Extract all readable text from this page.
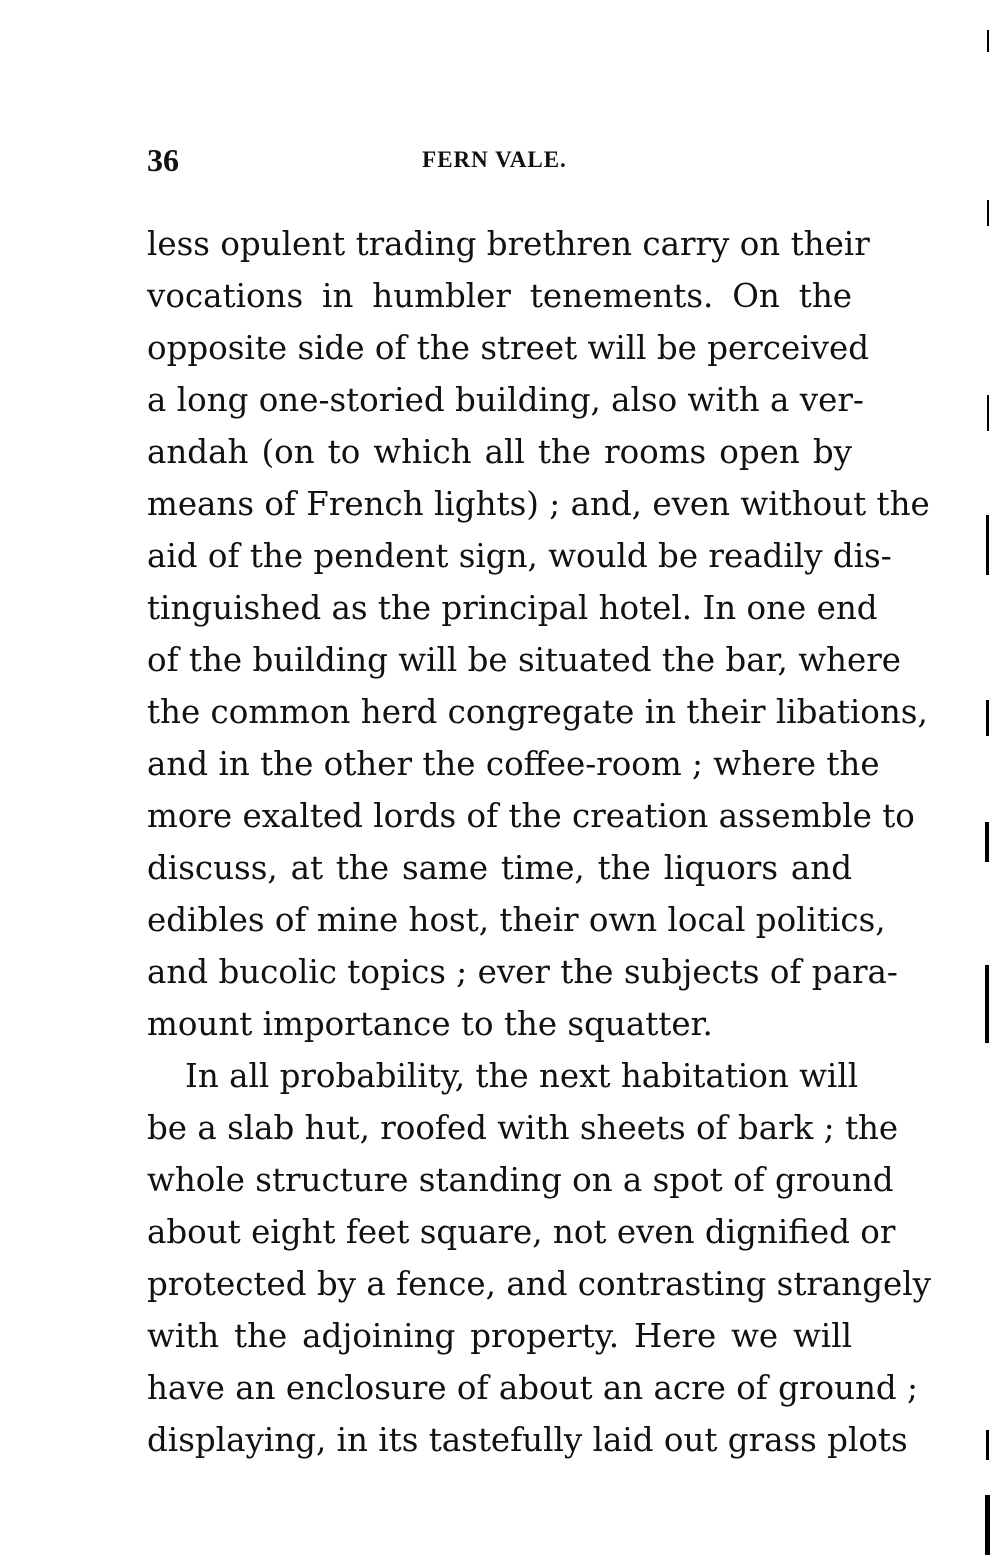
36	FERN VALE.
less opulent trading brethren carry on their
vocations in humbler tenements. On the
opposite side of the street will be perceived
a long one-storied building, also with a ver-
andah (on to which all the rooms open by
means of French lights) ; and, even without the
aid of the pendent sign, would be readily dis-
tinguished as the principal hotel. In one end
of the building will be situated the bar, where
the common herd congregate in their libations,
and in the other the coffee-room ; where the
more exalted lords of the creation assemble to
discuss, at the same time, the liquors and
edibles of mine host, their own local politics,
and bucolic topics ; ever the subjects of para-
mount importance to the squatter.
In all probability, the next habitation will
be a slab hut, roofed with sheets of bark ; the
whole structure standing on a spot of ground
about eight feet square, not even dignified or
protected by a fence, and contrasting strangely
with the adjoining property. Here we will
have an enclosure of about an acre of ground ;
displaying, in its tastefully laid out grass plots
